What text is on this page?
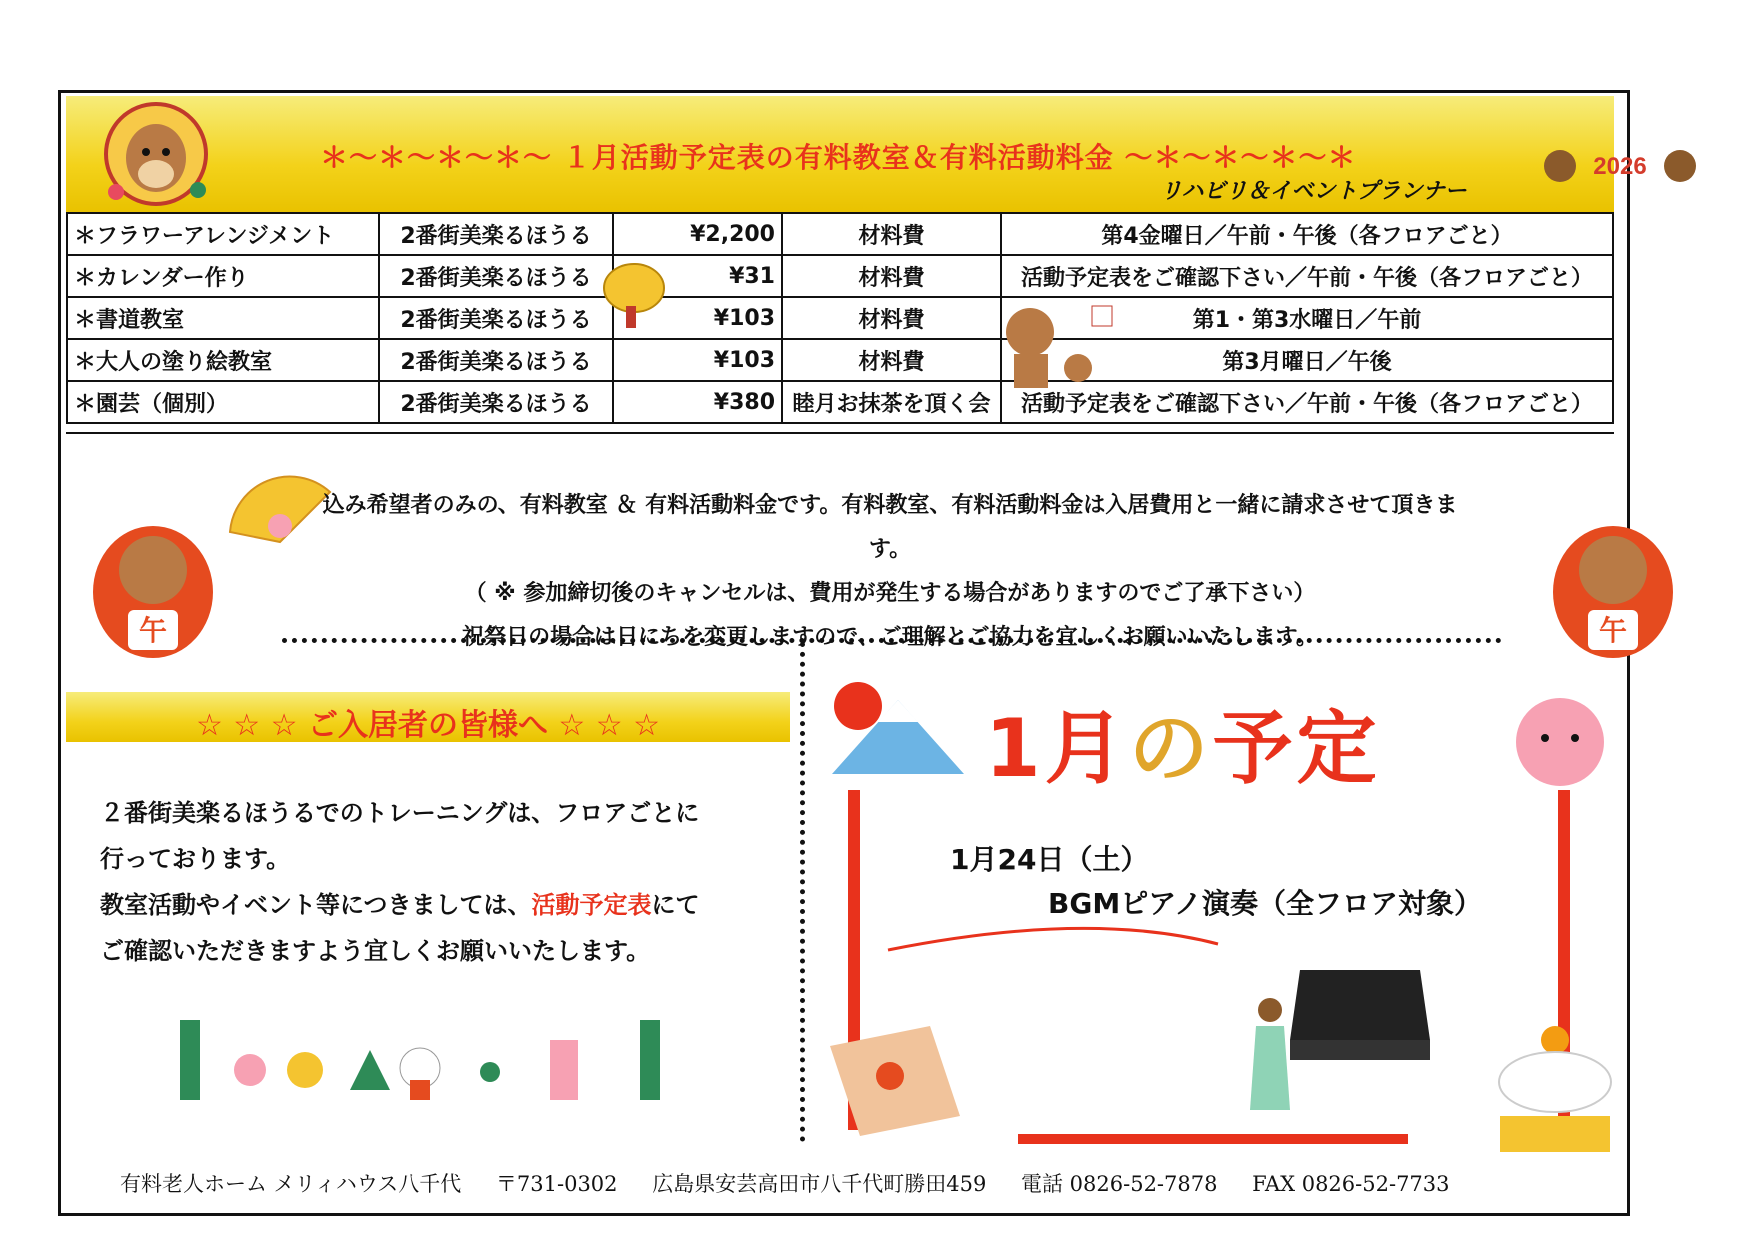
＊～＊～＊～＊～ １月活動予定表の有料教室＆有料活動料金 ～＊～＊～＊～＊
リハビリ＆イベントプランナー
2026
＊フラワーアレンジメント	2番街美楽るほうる	¥2,200	材料費	第4金曜日／午前・午後（各フロアごと）
＊カレンダー作り	2番街美楽るほうる	¥31	材料費	活動予定表をご確認下さい／午前・午後（各フロアごと）
＊書道教室	2番街美楽るほうる	¥103	材料費	第1・第3水曜日／午前
＊大人の塗り絵教室	2番街美楽るほうる	¥103	材料費	第3月曜日／午後
＊園芸（個別）	2番街美楽るほうる	¥380	睦月お抹茶を頂く会	活動予定表をご確認下さい／午前・午後（各フロアごと）
午	午
込み希望者のみの、有料教室 ＆ 有料活動料金です。有料教室、有料活動料金は入居費用と一緒に請求させて頂きます。
（ ※ 参加締切後のキャンセルは、費用が発生する場合がありますのでご了承下さい）
祝祭日の場合は日にちを変更しますので、ご理解とご協力を宜しくお願いいたします。
☆ ☆ ☆ ご入居者の皆様へ ☆ ☆ ☆
２番街美楽るほうるでのトレーニングは、フロアごとに
行っております。
教室活動やイベント等につきましては、活動予定表にて
ご確認いただきますよう宜しくお願いいたします。
1月の予定
1月24日（土）
BGMピアノ演奏（全フロア対象）
有料老人ホーム メリィハウス八千代 〒731-0302 広島県安芸高田市八千代町勝田459 電話 0826-52-7878 FAX 0826-52-7733
